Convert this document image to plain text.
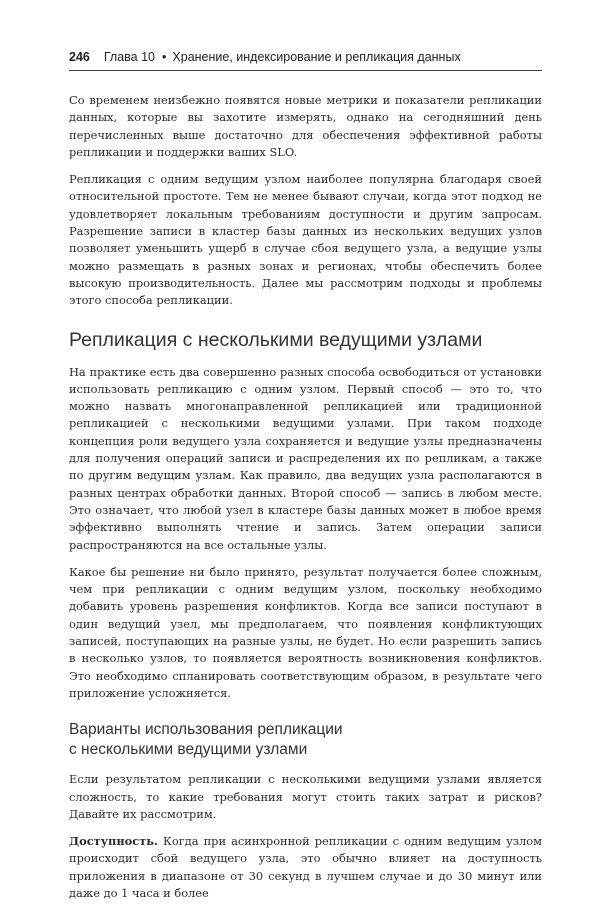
246 Глава 10 • Хранение, индексирование и репликация данных

Со временем неизбежно появятся новые метрики и показатели репликации данных, которые вы захотите измерять, однако на сегодняшний день перечисленных выше достаточно для обеспечения эффективной работы репликации и поддержки ваших SLO.

Репликация с одним ведущим узлом наиболее популярна благодаря своей относительной простоте. Тем не менее бывают случаи, когда этот подход не удовлетворяет локальным требованиям доступности и другим запросам. Разрешение записи в кластер базы данных из нескольких ведущих узлов позволяет уменьшить ущерб в случае сбоя ведущего узла, а ведущие узлы можно размещать в разных зонах и регионах, чтобы обеспечить более высокую производительность. Далее мы рассмотрим подходы и проблемы этого способа репликации.

Репликация с несколькими ведущими узлами

На практике есть два совершенно разных способа освободиться от установки использовать репликацию с одним узлом. Первый способ — это то, что можно назвать многонаправленной репликацией или традиционной репликацией с несколькими ведущими узлами. При таком подходе концепция роли ведущего узла сохраняется и ведущие узлы предназначены для получения операций записи и распределения их по репликам, а также по другим ведущим узлам. Как правило, два ведущих узла располагаются в разных центрах обработки данных. Второй способ — запись в любом месте. Это означает, что любой узел в кластере базы данных может в любое время эффективно выполнять чтение и запись. Затем операции записи распространяются на все остальные узлы.

Какое бы решение ни было принято, результат получается более сложным, чем при репликации с одним ведущим узлом, поскольку необходимо добавить уровень разрешения конфликтов. Когда все записи поступают в один ведущий узел, мы предполагаем, что появления конфликтующих записей, поступающих на разные узлы, не будет. Но если разрешить запись в несколько узлов, то появляется вероятность возникновения конфликтов. Это необходимо спланировать соответствующим образом, в результате чего приложение усложняется.

Варианты использования репликации
с несколькими ведущими узлами

Если результатом репликации с несколькими ведущими узлами является сложность, то какие требования могут стоить таких затрат и рисков? Давайте их рассмотрим.

Доступность. Когда при асинхронной репликации с одним ведущим узлом происходит сбой ведущего узла, это обычно влияет на доступность приложения в диапазоне от 30 секунд в лучшем случае и до 30 минут или даже до 1 часа и более
